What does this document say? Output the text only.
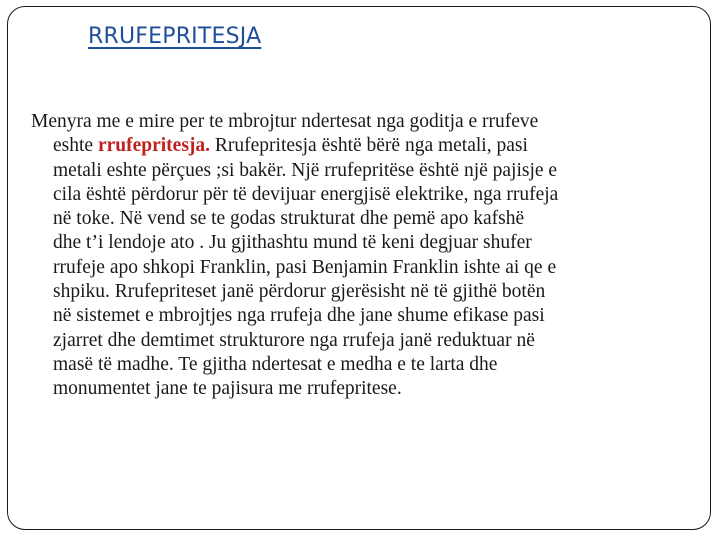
RRUFEPRITESJA
Menyra me e mire per te mbrojtur ndertesat nga goditja e rrufeve
eshte rrufepritesja. Rrufepritesja është bërë nga metali, pasi
metali eshte përçues ;si bakër. Një rrufepritëse është një pajisje e
cila është përdorur për të devijuar energjisë elektrike, nga rrufeja
në toke. Në vend se te godas strukturat dhe pemë apo kafshë
dhe t’i lendoje ato . Ju gjithashtu mund të keni degjuar shufer
rrufeje apo shkopi Franklin, pasi Benjamin Franklin ishte ai qe e
shpiku. Rrufepriteset janë përdorur gjerësisht në të gjithë botën
në sistemet e mbrojtjes nga rrufeja dhe jane shume efikase pasi
zjarret dhe demtimet strukturore nga rrufeja janë reduktuar në
masë të madhe. Te gjitha ndertesat e medha e te larta dhe
monumentet jane te pajisura me rrufepritese.
